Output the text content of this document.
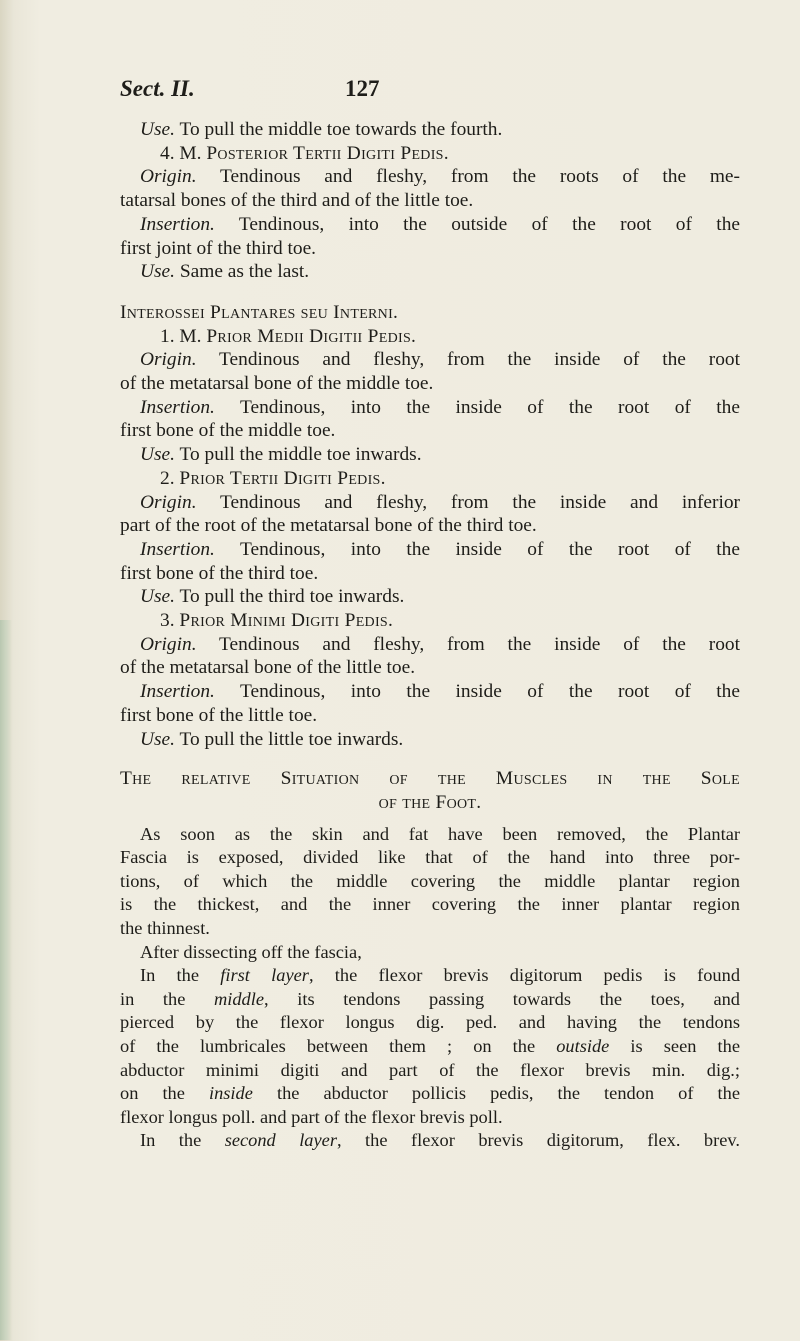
Sect. II.	127

Use. To pull the middle toe towards the fourth.

4. M. Posterior Tertii Digiti Pedis.

Origin. Tendinous and fleshy, from the roots of the me-

tatarsal bones of the third and of the little toe.

Insertion. Tendinous, into the outside of the root of the

first joint of the third toe.

Use. Same as the last.

Interossei Plantares seu Interni.

1. M. Prior Medii Digitii Pedis.

Origin. Tendinous and fleshy, from the inside of the root

of the metatarsal bone of the middle toe.

Insertion. Tendinous, into the inside of the root of the

first bone of the middle toe.

Use. To pull the middle toe inwards.

2. Prior Tertii Digiti Pedis.

Origin. Tendinous and fleshy, from the inside and inferior

part of the root of the metatarsal bone of the third toe.

Insertion. Tendinous, into the inside of the root of the

first bone of the third toe.

Use. To pull the third toe inwards.

3. Prior Minimi Digiti Pedis.

Origin. Tendinous and fleshy, from the inside of the root

of the metatarsal bone of the little toe.

Insertion. Tendinous, into the inside of the root of the

first bone of the little toe.

Use. To pull the little toe inwards.

The relative Situation of the Muscles in the Sole

of the Foot.

As soon as the skin and fat have been removed, the Plantar

Fascia is exposed, divided like that of the hand into three por-

tions, of which the middle covering the middle plantar region

is the thickest, and the inner covering the inner plantar region

the thinnest.

After dissecting off the fascia,

In the first layer, the flexor brevis digitorum pedis is found

in the middle, its tendons passing towards the toes, and

pierced by the flexor longus dig. ped. and having the tendons

of the lumbricales between them ; on the outside is seen the

abductor minimi digiti and part of the flexor brevis min. dig.;

on the inside the abductor pollicis pedis, the tendon of the

flexor longus poll. and part of the flexor brevis poll.

In the second layer, the flexor brevis digitorum, flex. brev.
